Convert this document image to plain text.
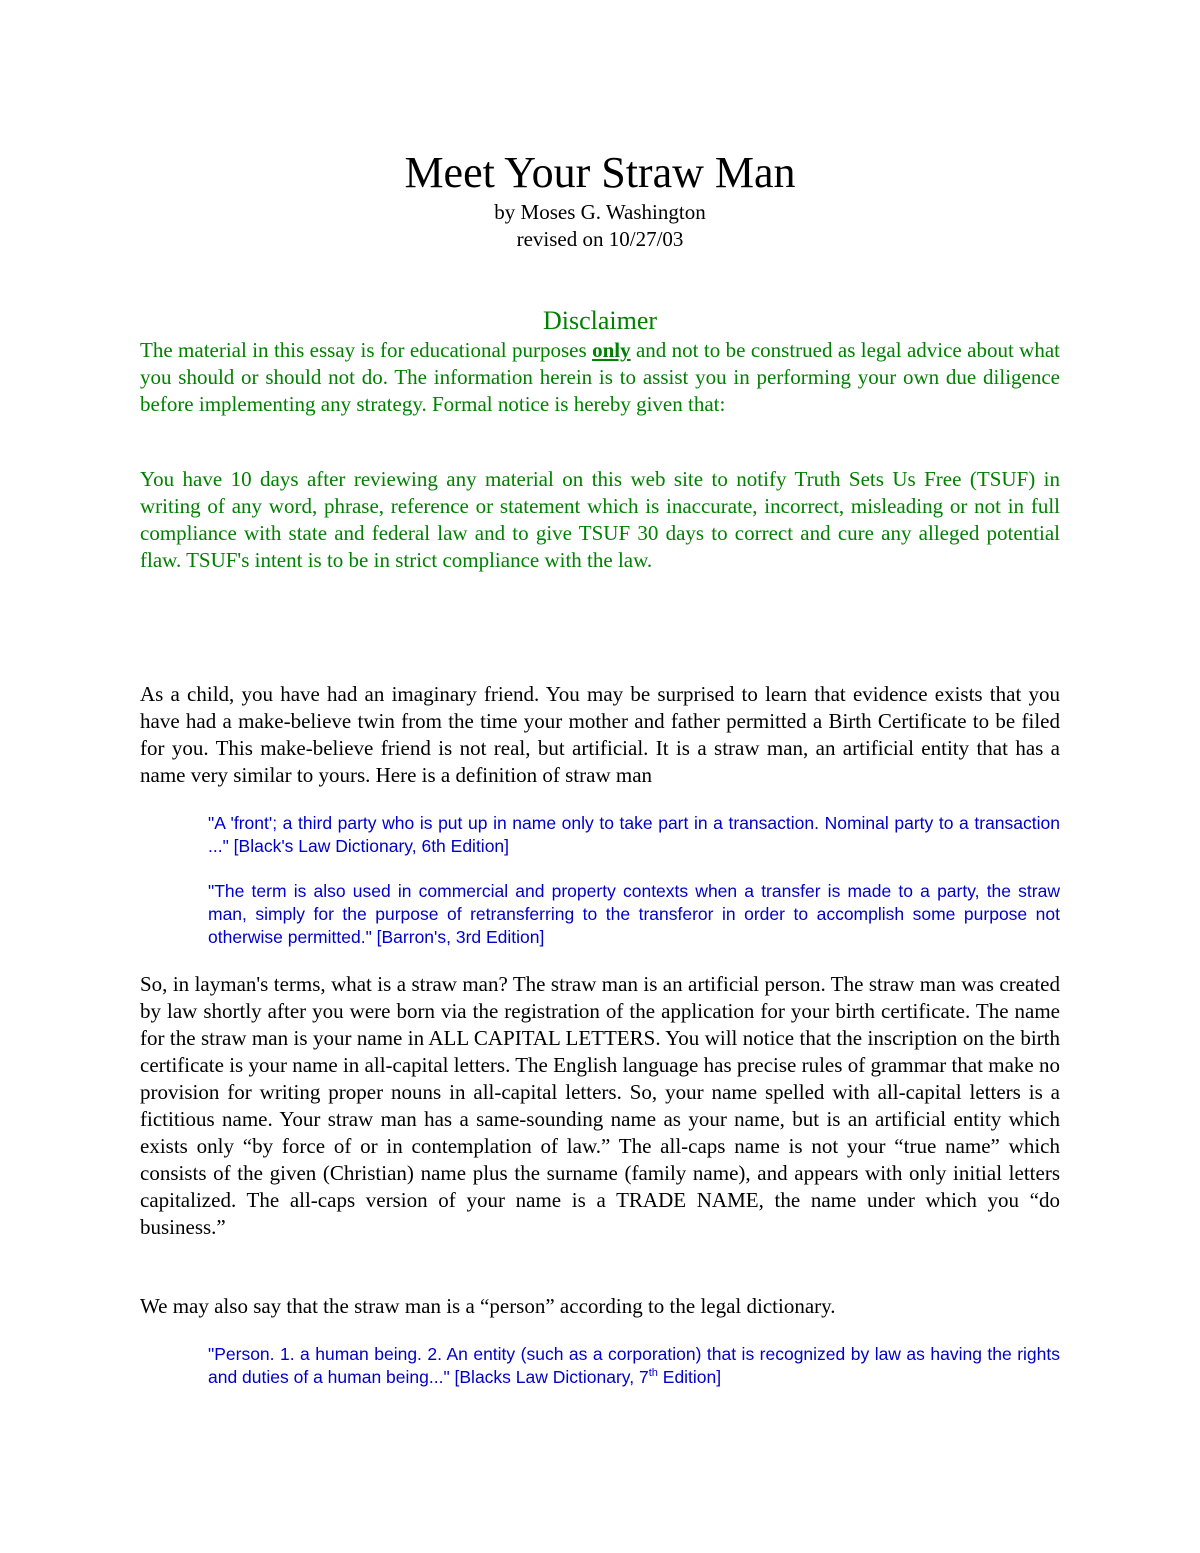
Meet Your Straw Man
by Moses G. Washington
revised on 10/27/03
Disclaimer

The material in this essay is for educational purposes only and not to be construed as legal advice about what you should or should not do. The information herein is to assist you in performing your own due diligence before implementing any strategy. Formal notice is hereby given that:

You have 10 days after reviewing any material on this web site to notify Truth Sets Us Free (TSUF) in writing of any word, phrase, reference or statement which is inaccurate, incorrect, misleading or not in full compliance with state and federal law and to give TSUF 30 days to correct and cure any alleged potential flaw. TSUF's intent is to be in strict compliance with the law.

As a child, you have had an imaginary friend. You may be surprised to learn that evidence exists that you have had a make-believe twin from the time your mother and father permitted a Birth Certificate to be filed for you. This make-believe friend is not real, but artificial. It is a straw man, an artificial entity that has a name very similar to yours. Here is a definition of straw man

"A 'front'; a third party who is put up in name only to take part in a transaction. Nominal party to a transaction ..." [Black's Law Dictionary, 6th Edition]

"The term is also used in commercial and property contexts when a transfer is made to a party, the straw man, simply for the purpose of retransferring to the transferor in order to accomplish some purpose not otherwise permitted." [Barron's, 3rd Edition]

So, in layman's terms, what is a straw man? The straw man is an artificial person. The straw man was created by law shortly after you were born via the registration of the application for your birth certificate. The name for the straw man is your name in ALL CAPITAL LETTERS. You will notice that the inscription on the birth certificate is your name in all-capital letters. The English language has precise rules of grammar that make no provision for writing proper nouns in all-capital letters. So, your name spelled with all-capital letters is a fictitious name. Your straw man has a same-sounding name as your name, but is an artificial entity which exists only “by force of or in contemplation of law.” The all-caps name is not your “true name” which consists of the given (Christian) name plus the surname (family name), and appears with only initial letters capitalized. The all-caps version of your name is a TRADE NAME, the name under which you “do business.”

We may also say that the straw man is a “person” according to the legal dictionary.

"Person. 1. a human being. 2. An entity (such as a corporation) that is recognized by law as having the rights and duties of a human being..." [Blacks Law Dictionary, 7th Edition]
